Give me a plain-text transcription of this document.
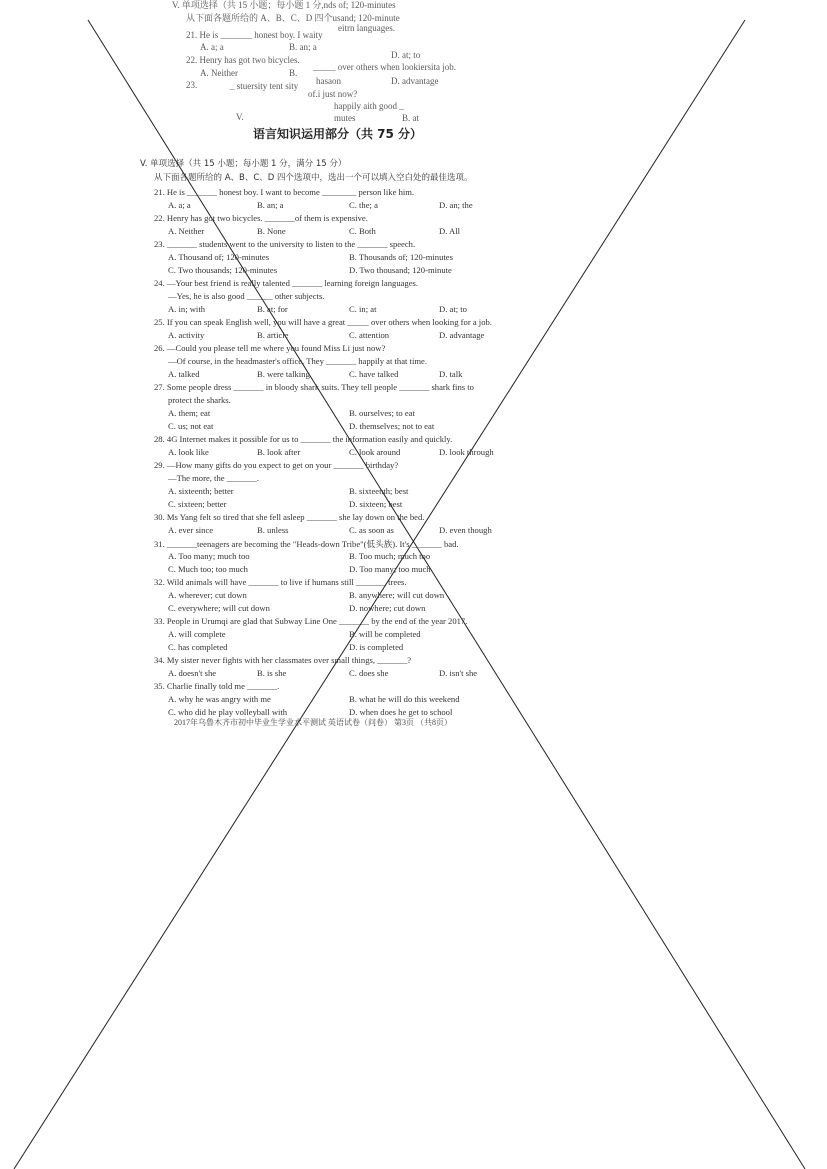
V. 单项选择（共 15 小题；每小题 1 分,nds of; 120-minutes
从下面各题所给的 A、B、C、D 四个usand; 120-minute
eitrn languages.
21. He is _______ honest boy. I waity
A. a; a	B. an; a
D. at; to
22. Henry has got two bicycles.
_____ over others when lookiersita job.
A. Neither	B.
hasaon	D. advantage
23.	_ stuersity tent sity
of.i just now?
happily aith good _
V.	mutes	B. at
语言知识运用部分（共 75 分）
V. 单项选择（共 15 小题；每小题 1 分，满分 15 分）
从下面各题所给的 A、B、C、D 四个选项中，选出一个可以填入空白处的最佳选项。
21. He is _______ honest boy. I want to become ________ person like him.
A. a; a	B. an; a	C. the; a	D. an; the
22. Henry has got two bicycles. _______of them is expensive.
A. Neither	B. None	C. Both	D. All
23. _______ students went to the university to listen to the _______ speech.
A. Thousand of; 120-minutes	B. Thousands of; 120-minutes
C. Two thousands; 120-minutes	D. Two thousand; 120-minute
24. —Your best friend is really talented _______ learning foreign languages.
—Yes, he is also good ______ other subjects.
A. in; with	B. at; for	C. in; at	D. at; to
25. If you can speak English well, you will have a great _____ over others when looking for a job.
A. activity	B. article	C. attention	D. advantage
26. —Could you please tell me where you found Miss Li just now?
—Of course, in the headmaster's office. They _______ happily at that time.
A. talked	B. were talking	C. have talked	D. talk
27. Some people dress _______ in bloody shark suits. They tell people _______ shark fins to
protect the sharks.
A. them; eat	B. ourselves; to eat
C. us; not eat	D. themselves; not to eat
28. 4G Internet makes it possible for us to _______ the information easily and quickly.
A. look like	B. look after	C. look around	D. look through
29. —How many gifts do you expect to get on your _______ birthday?
—The more, the _______.
A. sixteenth; better	B. sixteenth; best
C. sixteen; better	D. sixteen; best
30. Ms Yang felt so tired that she fell asleep _______ she lay down on the bed.
A. ever since	B. unless	C. as soon as	D. even though
31. _______teenagers are becoming the "Heads-down Tribe"(低头族). It's _______ bad.
A. Too many; much too	B. Too much; much too
C. Much too; too much	D. Too many; too much
32. Wild animals will have _______ to live if humans still _______ trees.
A. wherever; cut down	B. anywhere; will cut down
C. everywhere; will cut down	D. nowhere; cut down
33. People in Urumqi are glad that Subway Line One _______ by the end of the year 2017.
A. will complete	B. will be completed
C. has completed	D. is completed
34. My sister never fights with her classmates over small things, _______?
A. doesn't she	B. is she	C. does she	D. isn't she
35. Charlie finally told me _______.
A. why he was angry with me	B. what he will do this weekend
C. who did he play volleyball with	D. when does he get to school
2017年乌鲁木齐市初中毕业生学业水平测试 英语试卷（问卷） 第3页 （共8页）
